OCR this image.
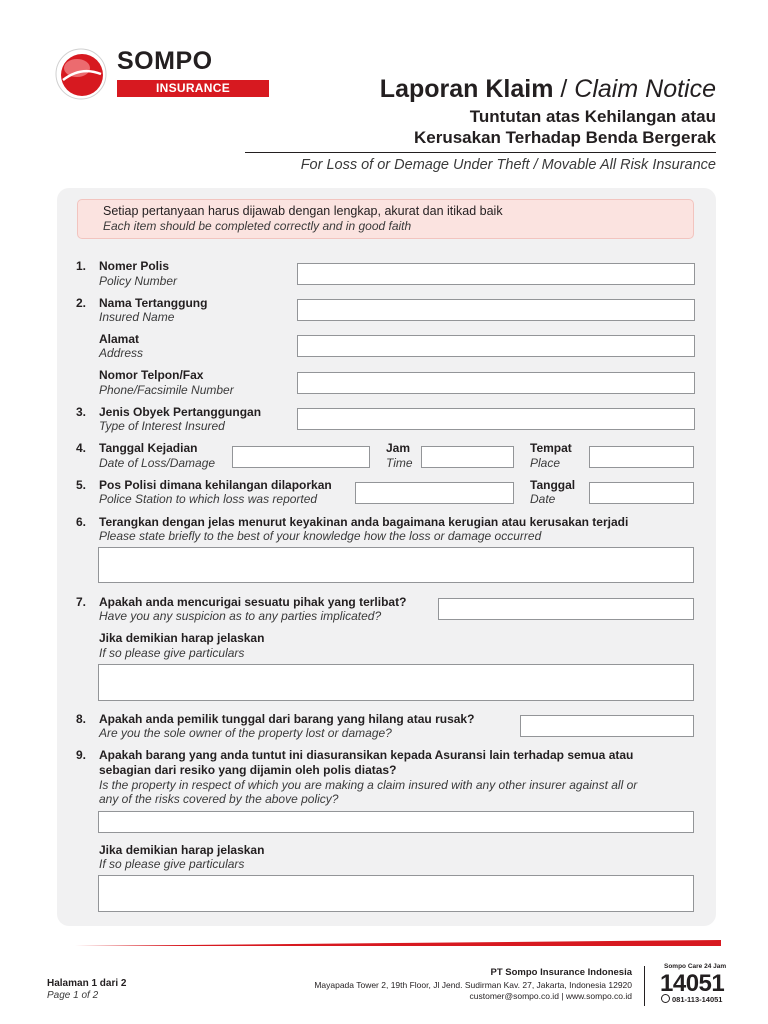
SOMPO
INSURANCE	Laporan Klaim / Claim Notice
Tuntutan atas Kehilangan atau
Kerusakan Terhadap Benda Bergerak
For Loss of or Demage Under Theft / Movable All Risk Insurance
Setiap pertanyaan harus dijawab dengan lengkap, akurat dan itikad baik
Each item should be completed correctly and in good faith
1. Nomer Polis
Policy Number
2. Nama Tertanggung
Insured Name
Alamat
Address
Nomor Telpon/Fax
Phone/Facsimile Number
3. Jenis Obyek Pertanggungan
Type of Interest Insured
4. Tanggal Kejadian
Date of Loss/Damage
Jam
Time
Tempat
Place
5. Pos Polisi dimana kehilangan dilaporkan
Police Station to which loss was reported
Tanggal
Date
6. Terangkan dengan jelas menurut keyakinan anda bagaimana kerugian atau kerusakan terjadi
Please state briefly to the best of your knowledge how the loss or damage occurred
7. Apakah anda mencurigai sesuatu pihak yang terlibat?
Have you any suspicion as to any parties implicated?
Jika demikian harap jelaskan
If so please give particulars
8. Apakah anda pemilik tunggal dari barang yang hilang atau rusak?
Are you the sole owner of the property lost or damage?
9. Apakah barang yang anda tuntut ini diasuransikan kepada Asuransi lain terhadap semua atau
sebagian dari resiko yang dijamin oleh polis diatas?
Is the property in respect of which you are making a claim insured with any other insurer against all or
any of the risks covered by the above policy?
Jika demikian harap jelaskan
If so please give particulars
Halaman 1 dari 2
Page 1 of 2
PT Sompo Insurance Indonesia
Mayapada Tower 2, 19th Floor, Jl Jend. Sudirman Kav. 27, Jakarta, Indonesia 12920
customer@sompo.co.id | www.sompo.co.id
Sompo Care 24 Jam
14051
081-113-14051
